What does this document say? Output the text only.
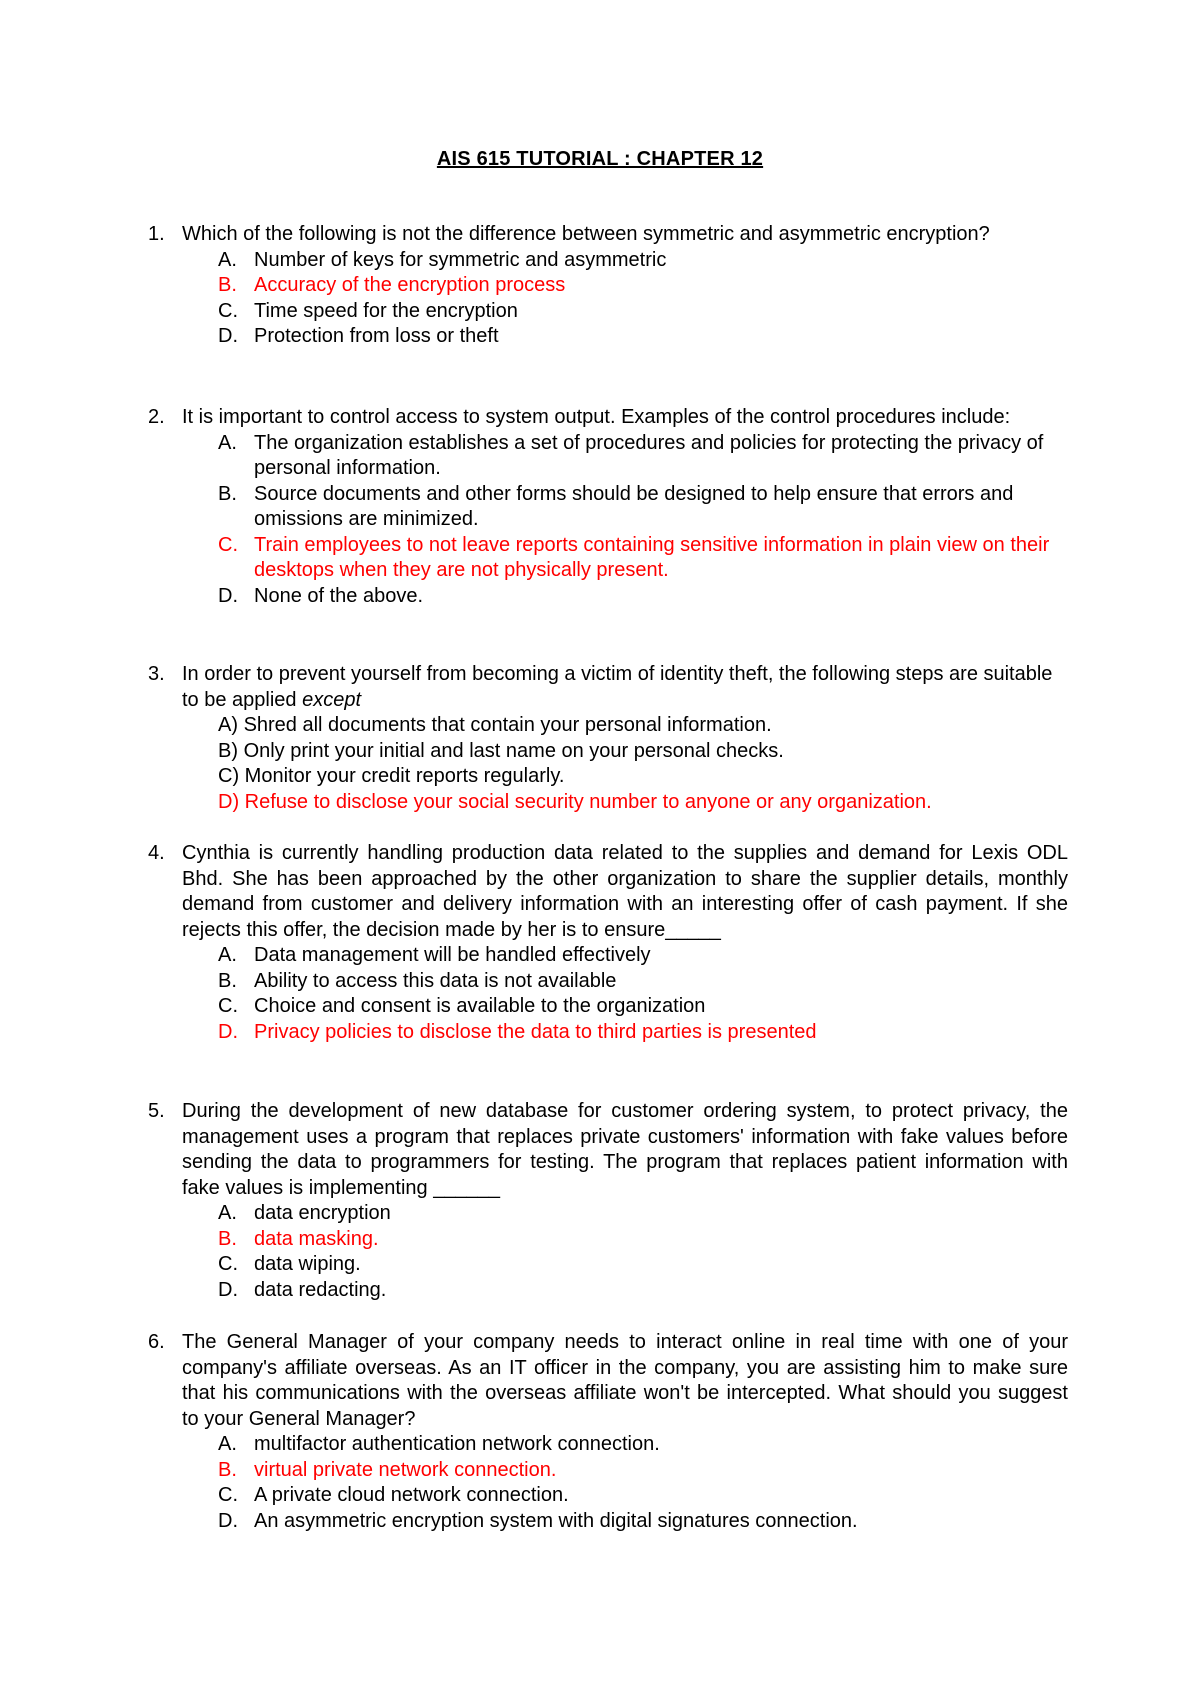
AIS 615 TUTORIAL : CHAPTER 12
1. Which of the following is not the difference between symmetric and asymmetric encryption?
A. Number of keys for symmetric and asymmetric
B. Accuracy of the encryption process
C. Time speed for the encryption
D. Protection from loss or theft
2. It is important to control access to system output. Examples of the control procedures include:
A. The organization establishes a set of procedures and policies for protecting the privacy of personal information.
B. Source documents and other forms should be designed to help ensure that errors and omissions are minimized.
C. Train employees to not leave reports containing sensitive information in plain view on their desktops when they are not physically present.
D. None of the above.
3. In order to prevent yourself from becoming a victim of identity theft, the following steps are suitable to be applied except
A) Shred all documents that contain your personal information.
B) Only print your initial and last name on your personal checks.
C) Monitor your credit reports regularly.
D) Refuse to disclose your social security number to anyone or any organization.
4. Cynthia is currently handling production data related to the supplies and demand for Lexis ODL Bhd. She has been approached by the other organization to share the supplier details, monthly demand from customer and delivery information with an interesting offer of cash payment. If she rejects this offer, the decision made by her is to ensure_____
A. Data management will be handled effectively
B. Ability to access this data is not available
C. Choice and consent is available to the organization
D. Privacy policies to disclose the data to third parties is presented
5. During the development of new database for customer ordering system, to protect privacy, the management uses a program that replaces private customers' information with fake values before sending the data to programmers for testing. The program that replaces patient information with fake values is implementing ______
A. data encryption
B. data masking.
C. data wiping.
D. data redacting.
6. The General Manager of your company needs to interact online in real time with one of your company's affiliate overseas. As an IT officer in the company, you are assisting him to make sure that his communications with the overseas affiliate won't be intercepted. What should you suggest to your General Manager?
A. multifactor authentication network connection.
B. virtual private network connection.
C. A private cloud network connection.
D. An asymmetric encryption system with digital signatures connection.
